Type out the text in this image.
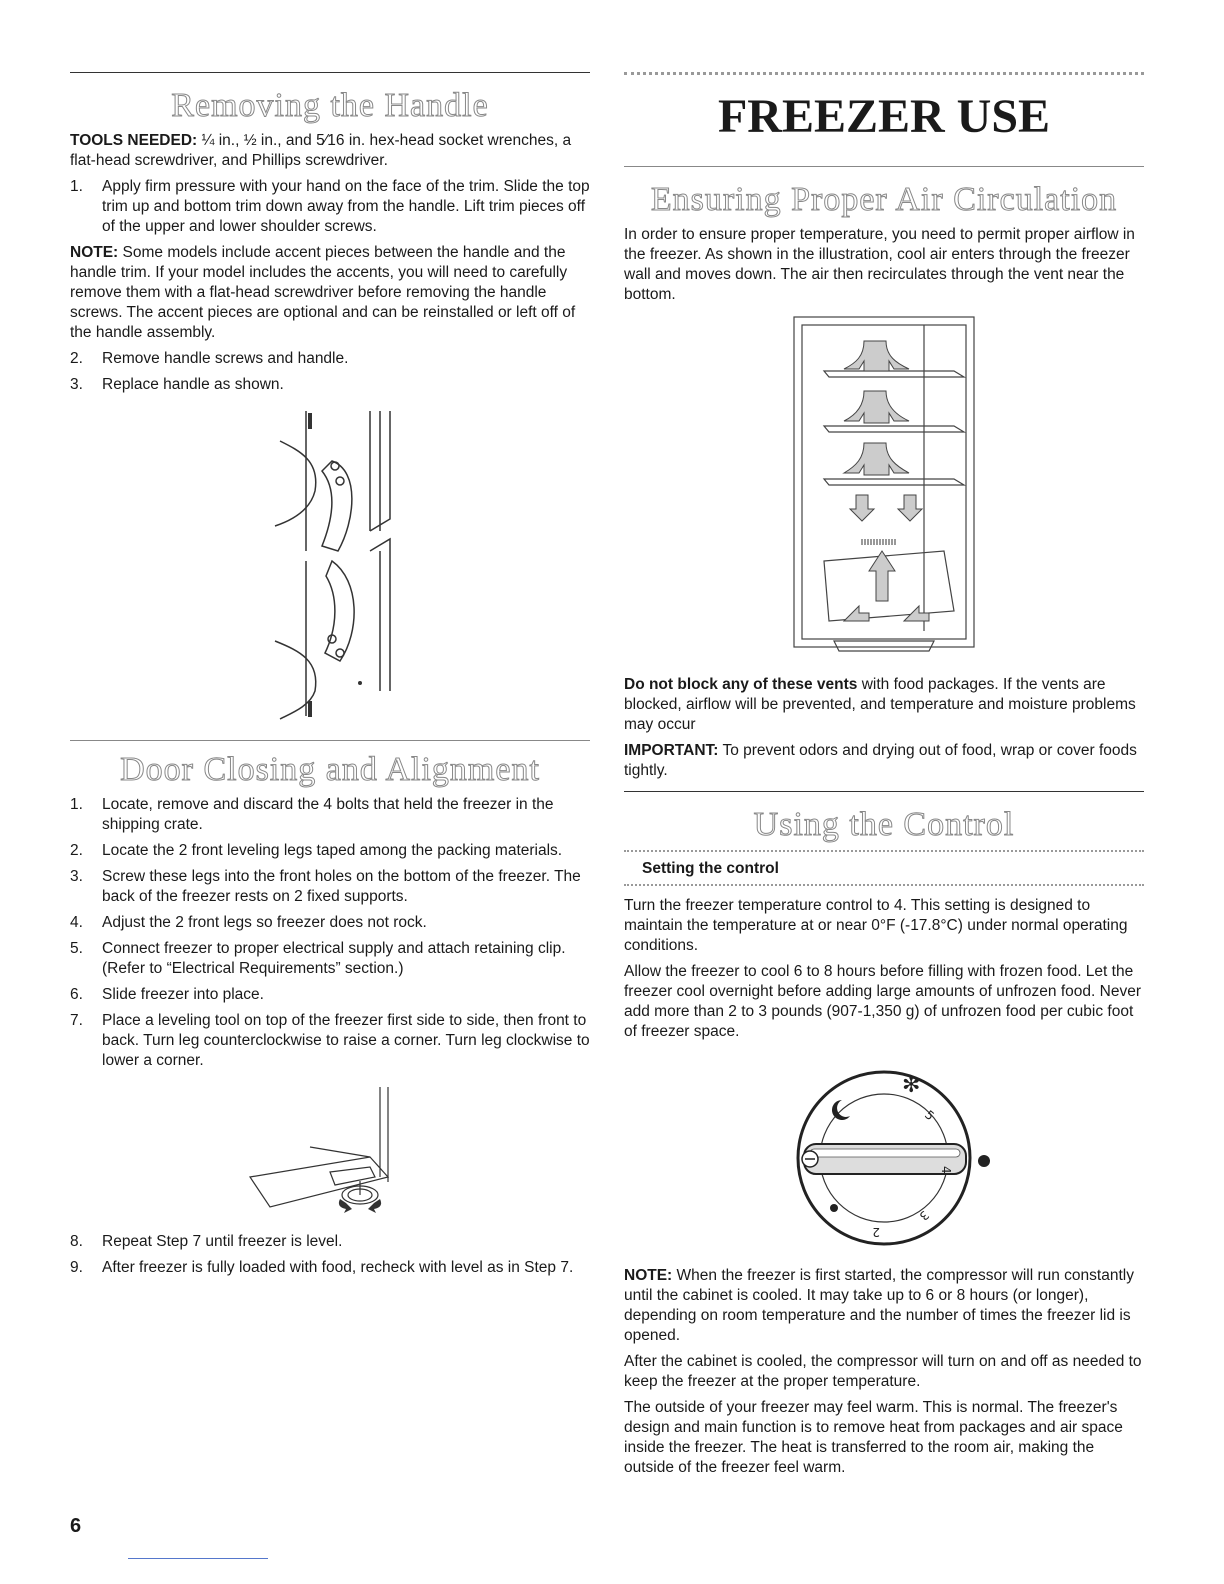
Removing the Handle

TOOLS NEEDED: ¼ in., ½ in., and 5⁄16 in. hex-head socket wrenches, a flat-head screwdriver, and Phillips screwdriver.

1.	Apply firm pressure with your hand on the face of the trim. Slide the top trim up and bottom trim down away from the handle. Lift trim pieces off of the upper and lower shoulder screws.

NOTE: Some models include accent pieces between the handle and the handle trim. If your model includes the accents, you will need to carefully remove them with a flat-head screwdriver before removing the handle screws. The accent pieces are optional and can be reinstalled or left off of the handle assembly.

2.	Remove handle screws and handle.
3.	Replace handle as shown.
Door Closing and Alignment
1.	Locate, remove and discard the 4 bolts that held the freezer in the shipping crate.
2.	Locate the 2 front leveling legs taped among the packing materials.
3.	Screw these legs into the front holes on the bottom of the freezer. The back of the freezer rests on 2 fixed supports.
4.	Adjust the 2 front legs so freezer does not rock.
5.	Connect freezer to proper electrical supply and attach retaining clip. (Refer to “Electrical Requirements” section.)
6.	Slide freezer into place.
7.	Place a leveling tool on top of the freezer first side to side, then front to back. Turn leg counterclockwise to raise a corner. Turn leg clockwise to lower a corner.
8.	Repeat Step 7 until freezer is level.
9.	After freezer is fully loaded with food, recheck with level as in Step 7.
FREEZER USE
Ensuring Proper Air Circulation

In order to ensure proper temperature, you need to permit proper airflow in the freezer. As shown in the illustration, cool air enters through the freezer wall and moves down. The air then recirculates through the vent near the bottom.

Do not block any of these vents with food packages. If the vents are blocked, airflow will be prevented, and temperature and moisture problems may occur

IMPORTANT: To prevent odors and drying out of food, wrap or cover foods tightly.

Using the Control
Setting the control

Turn the freezer temperature control to 4. This setting is designed to maintain the temperature at or near 0°F (-17.8°C) under normal operating conditions.

Allow the freezer to cool 6 to 8 hours before filling with frozen food. Let the freezer cool overnight before adding large amounts of unfrozen food. Never add more than 2 to 3 pounds (907-1,350 g) of unfrozen food per cubic foot of freezer space.

✻
5
4
3
2

NOTE: When the freezer is first started, the compressor will run constantly until the cabinet is cooled. It may take up to 6 or 8 hours (or longer), depending on room temperature and the number of times the freezer lid is opened.

After the cabinet is cooled, the compressor will turn on and off as needed to keep the freezer at the proper temperature.

The outside of your freezer may feel warm. This is normal. The freezer's design and main function is to remove heat from packages and air space inside the freezer. The heat is transferred to the room air, making the outside of the freezer feel warm.

6
